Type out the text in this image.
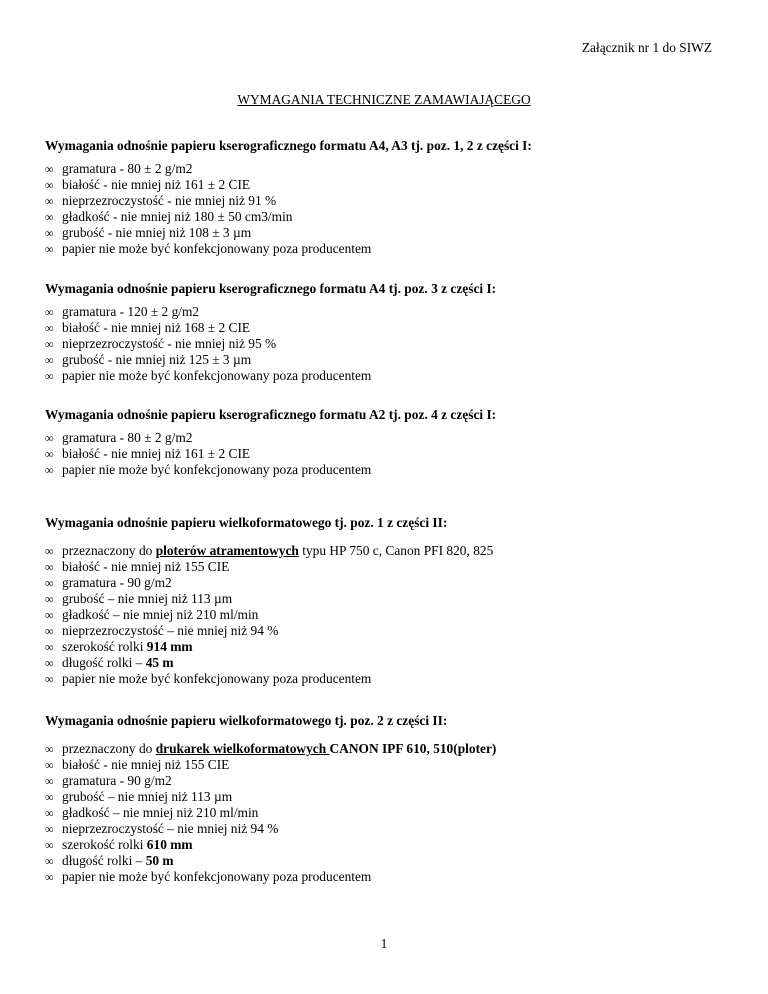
Załącznik nr 1 do SIWZ
WYMAGANIA TECHNICZNE ZAMAWIAJĄCEGO
Wymagania odnośnie papieru kserograficznego formatu A4, A3 tj. poz. 1, 2 z części I:
∞ gramatura - 80 ± 2 g/m2
∞ białość - nie mniej niż 161 ± 2 CIE
∞ nieprzezroczystość - nie mniej niż 91 %
∞ gładkość - nie mniej niż 180 ± 50 cm3/min
∞ grubość - nie mniej niż 108 ± 3 µm
∞ papier nie może być konfekcjonowany poza producentem
Wymagania odnośnie papieru kserograficznego formatu A4 tj. poz. 3 z części I:
∞ gramatura - 120 ± 2 g/m2
∞ białość - nie mniej niż 168 ± 2 CIE
∞ nieprzezroczystość - nie mniej niż 95 %
∞ grubość - nie mniej niż 125 ± 3 µm
∞ papier nie może być konfekcjonowany poza producentem
Wymagania odnośnie papieru kserograficznego formatu A2 tj. poz. 4 z części I:
∞ gramatura - 80 ± 2 g/m2
∞ białość - nie mniej niż 161 ± 2 CIE
∞ papier nie może być konfekcjonowany poza producentem
Wymagania odnośnie papieru wielkoformatowego tj. poz. 1 z części II:
∞ przeznaczony do ploterów atramentowych typu HP 750 c, Canon PFI 820, 825
∞ białość - nie mniej niż 155 CIE
∞ gramatura - 90 g/m2
∞ grubość – nie mniej niż 113 µm
∞ gładkość – nie mniej niż 210 ml/min
∞ nieprzezroczystość – nie mniej niż 94 %
∞ szerokość rolki 914 mm
∞ długość rolki – 45 m
∞ papier nie może być konfekcjonowany poza producentem
Wymagania odnośnie papieru wielkoformatowego tj. poz. 2 z części II:
∞ przeznaczony do drukarek wielkoformatowych CANON IPF 610, 510(ploter)
∞ białość - nie mniej niż 155 CIE
∞ gramatura - 90 g/m2
∞ grubość – nie mniej niż 113 µm
∞ gładkość – nie mniej niż 210 ml/min
∞ nieprzezroczystość – nie mniej niż 94 %
∞ szerokość rolki 610 mm
∞ długość rolki – 50 m
∞ papier nie może być konfekcjonowany poza producentem
1
